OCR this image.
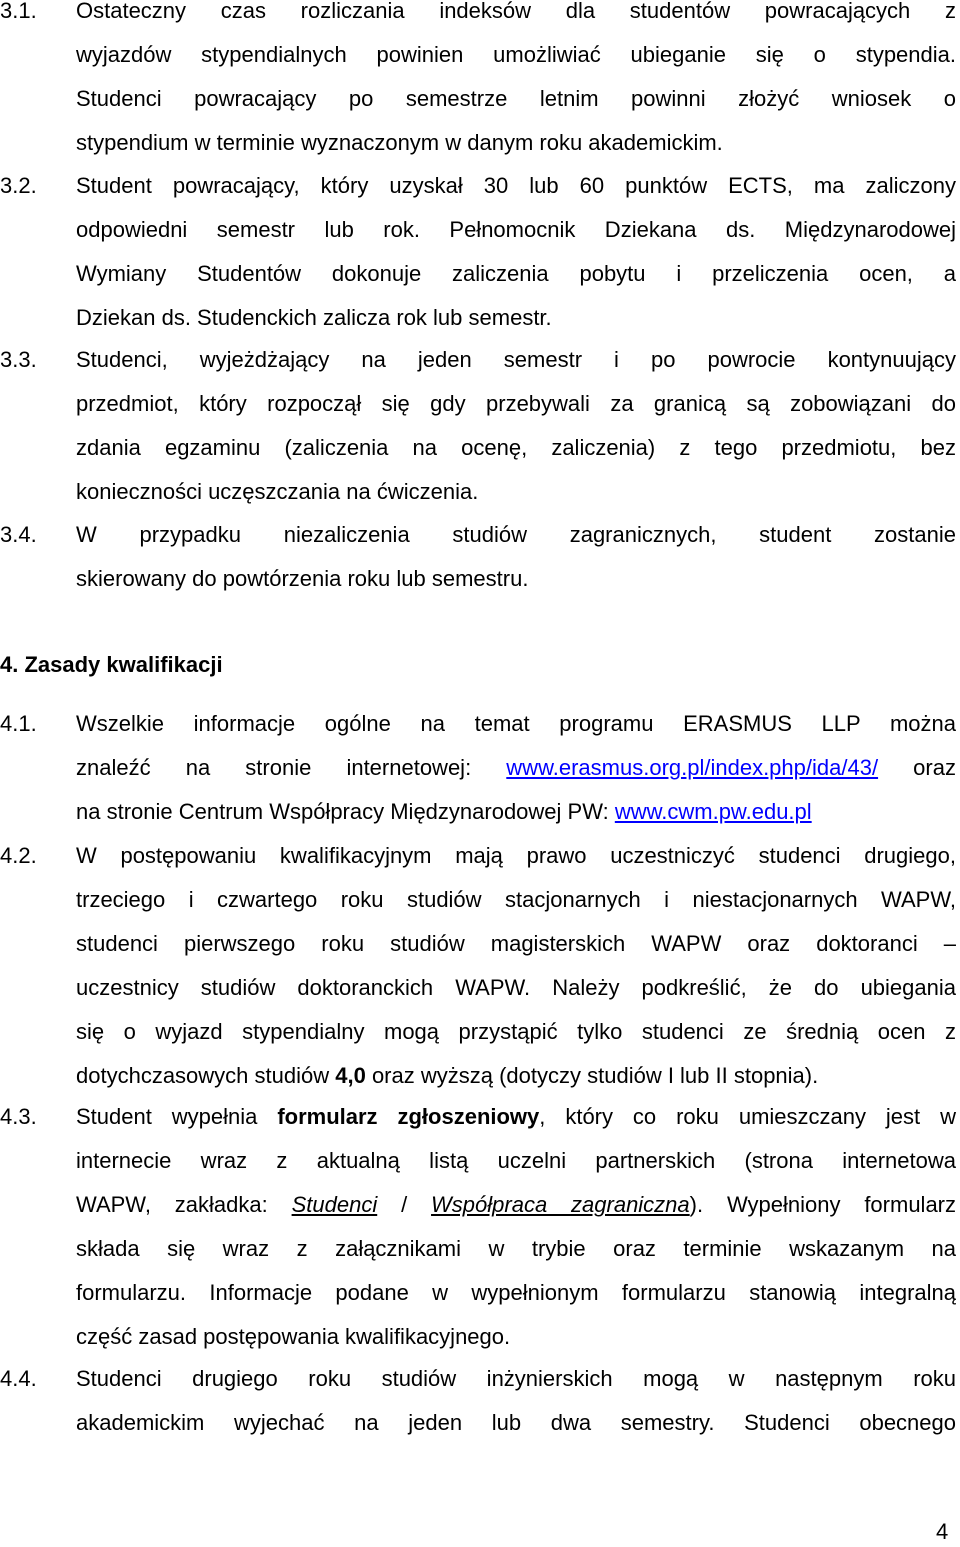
3.1. Ostateczny czas rozliczania indeksów dla studentów powracających z
wyjazdów stypendialnych powinien umożliwiać ubieganie się o stypendia.
Studenci powracający po semestrze letnim powinni złożyć wniosek o
stypendium w terminie wyznaczonym w danym roku akademickim.
3.2. Student powracający, który uzyskał 30 lub 60 punktów ECTS, ma zaliczony
odpowiedni semestr lub rok. Pełnomocnik Dziekana ds. Międzynarodowej
Wymiany Studentów dokonuje zaliczenia pobytu i przeliczenia ocen, a
Dziekan ds. Studenckich zalicza rok lub semestr.
3.3. Studenci, wyjeżdżający na jeden semestr i po powrocie kontynuujący
przedmiot, który rozpoczął się gdy przebywali za granicą są zobowiązani do
zdania egzaminu (zaliczenia na ocenę, zaliczenia) z tego przedmiotu, bez
konieczności uczęszczania na ćwiczenia.
3.4. W przypadku niezaliczenia studiów zagranicznych, student zostanie
skierowany do powtórzenia roku lub semestru.
4. Zasady kwalifikacji
4.1. Wszelkie informacje ogólne na temat programu ERASMUS LLP można
znaleźć na stronie internetowej: www.erasmus.org.pl/index.php/ida/43/ oraz
na stronie Centrum Współpracy Międzynarodowej PW: www.cwm.pw.edu.pl
4.2. W postępowaniu kwalifikacyjnym mają prawo uczestniczyć studenci drugiego,
trzeciego i czwartego roku studiów stacjonarnych i niestacjonarnych WAPW,
studenci pierwszego roku studiów magisterskich WAPW oraz doktoranci –
uczestnicy studiów doktoranckich WAPW. Należy podkreślić, że do ubiegania
się o wyjazd stypendialny mogą przystąpić tylko studenci ze średnią ocen z
dotychczasowych studiów 4,0 oraz wyższą (dotyczy studiów I lub II stopnia).
4.3. Student wypełnia formularz zgłoszeniowy, który co roku umieszczany jest w
internecie wraz z aktualną listą uczelni partnerskich (strona internetowa
WAPW, zakładka: Studenci / Współpraca zagraniczna). Wypełniony formularz
składa się wraz z załącznikami w trybie oraz terminie wskazanym na
formularzu. Informacje podane w wypełnionym formularzu stanowią integralną
część zasad postępowania kwalifikacyjnego.
4.4. Studenci drugiego roku studiów inżynierskich mogą w następnym roku
akademickim wyjechać na jeden lub dwa semestry. Studenci obecnego
4
